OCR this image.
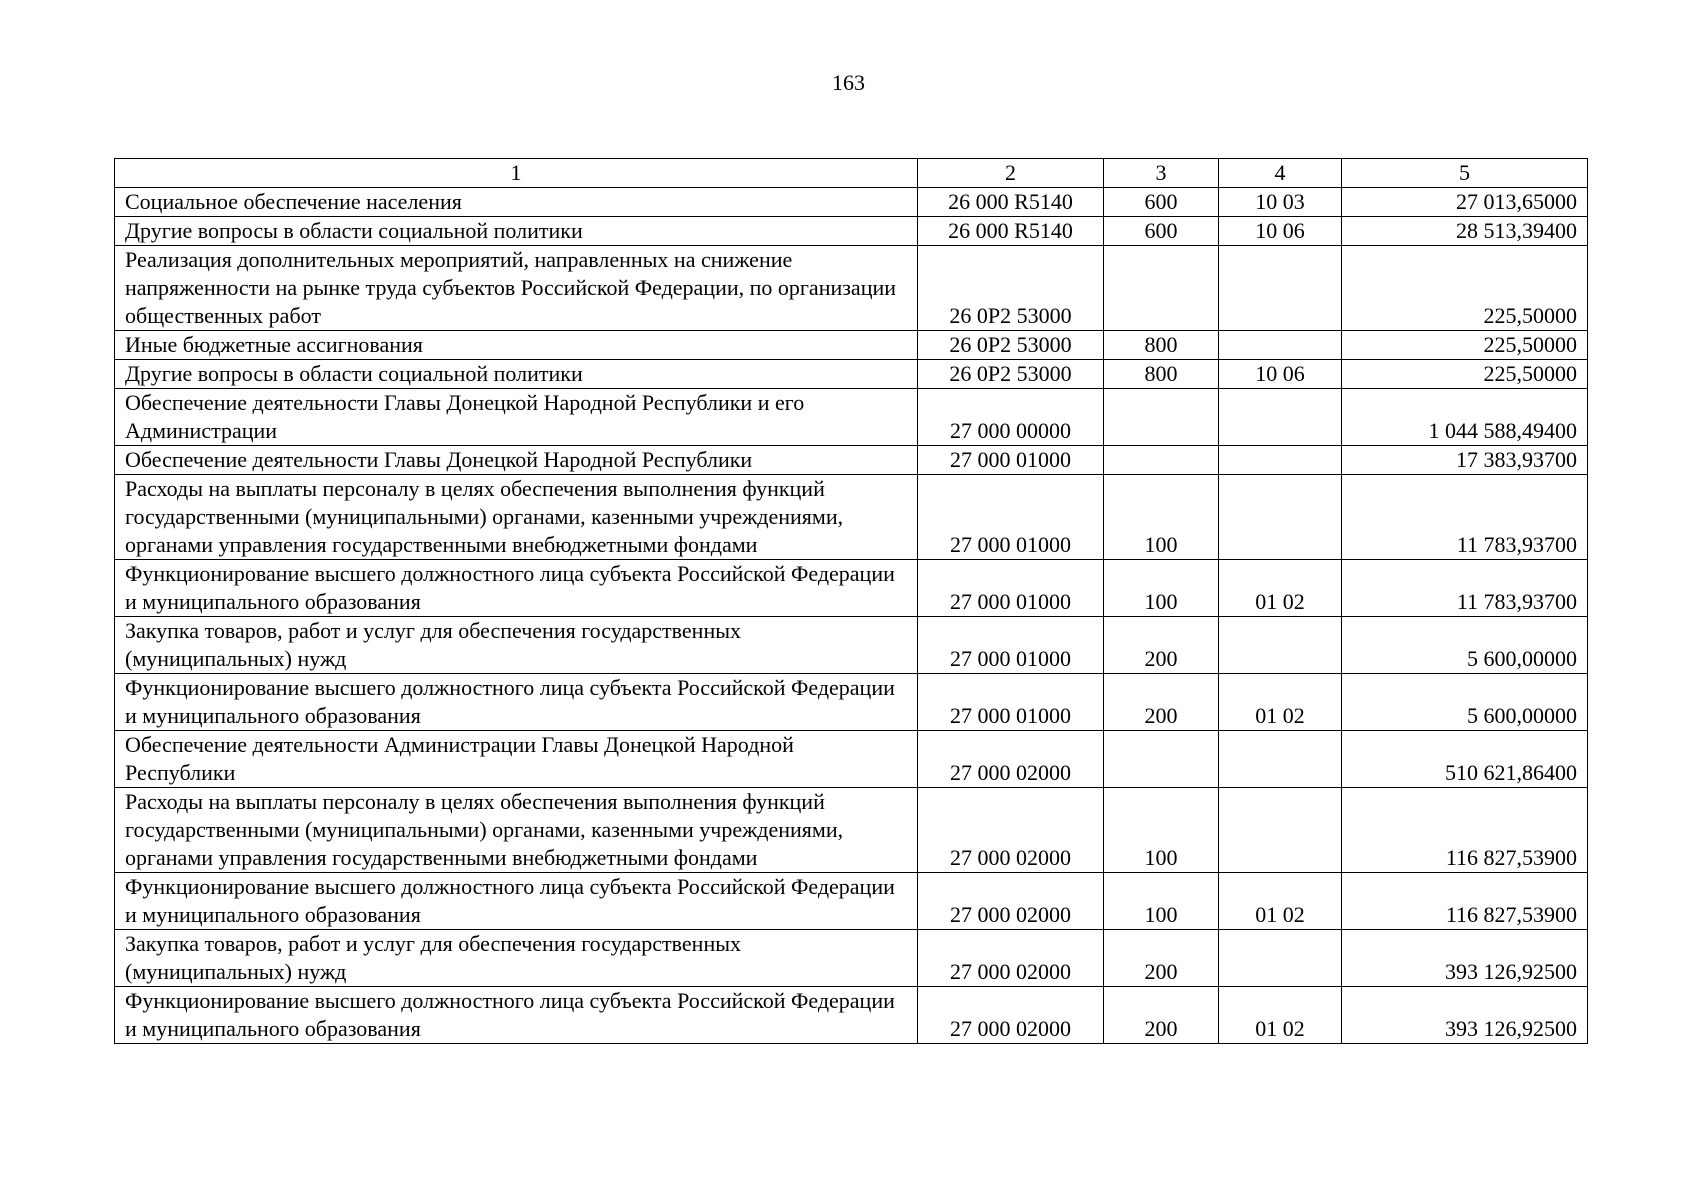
163
1	2	3	4	5
Социальное обеспечение населения	26 000 R5140	600	10 03	27 013,65000
Другие вопросы в области социальной политики	26 000 R5140	600	10 06	28 513,39400
Реализация дополнительных мероприятий, направленных на снижение напряженности на рынке труда субъектов Российской Федерации, по организации общественных работ	26 0P2 53000			225,50000
Иные бюджетные ассигнования	26 0P2 53000	800		225,50000
Другие вопросы в области социальной политики	26 0P2 53000	800	10 06	225,50000
Обеспечение деятельности Главы Донецкой Народной Республики и его Администрации	27 000 00000			1 044 588,49400
Обеспечение деятельности Главы Донецкой Народной Республики	27 000 01000			17 383,93700
Расходы на выплаты персоналу в целях обеспечения выполнения функций государственными (муниципальными) органами, казенными учреждениями, органами управления государственными внебюджетными фондами	27 000 01000	100		11 783,93700
Функционирование высшего должностного лица субъекта Российской Федерации и муниципального образования	27 000 01000	100	01 02	11 783,93700
Закупка товаров, работ и услуг для обеспечения государственных (муниципальных) нужд	27 000 01000	200		5 600,00000
Функционирование высшего должностного лица субъекта Российской Федерации и муниципального образования	27 000 01000	200	01 02	5 600,00000
Обеспечение деятельности Администрации Главы Донецкой Народной Республики	27 000 02000			510 621,86400
Расходы на выплаты персоналу в целях обеспечения выполнения функций государственными (муниципальными) органами, казенными учреждениями, органами управления государственными внебюджетными фондами	27 000 02000	100		116 827,53900
Функционирование высшего должностного лица субъекта Российской Федерации и муниципального образования	27 000 02000	100	01 02	116 827,53900
Закупка товаров, работ и услуг для обеспечения государственных (муниципальных) нужд	27 000 02000	200		393 126,92500
Функционирование высшего должностного лица субъекта Российской Федерации и муниципального образования	27 000 02000	200	01 02	393 126,92500
